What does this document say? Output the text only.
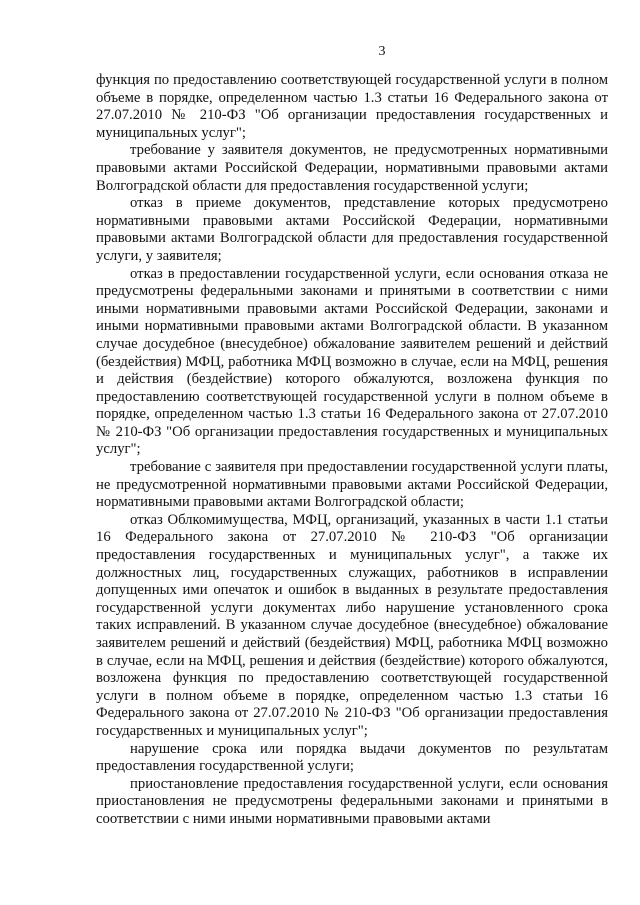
3

функция по предоставлению соответствующей государственной услуги в полном объеме в порядке, определенном частью 1.3 статьи 16 Федерального закона от 27.07.2010 № 210-ФЗ "Об организации предоставления государственных и муниципальных услуг";

требование у заявителя документов, не предусмотренных нормативными правовыми актами Российской Федерации, нормативными правовыми актами Волгоградской области для предоставления государственной услуги;

отказ в приеме документов, представление которых предусмотрено нормативными правовыми актами Российской Федерации, нормативными правовыми актами Волгоградской области для предоставления государственной услуги, у заявителя;

отказ в предоставлении государственной услуги, если основания отказа не предусмотрены федеральными законами и принятыми в соответствии с ними иными нормативными правовыми актами Российской Федерации, законами и иными нормативными правовыми актами Волгоградской области. В указанном случае досудебное (внесудебное) обжалование заявителем решений и действий (бездействия) МФЦ, работника МФЦ возможно в случае, если на МФЦ, решения и действия (бездействие) которого обжалуются, возложена функция по предоставлению соответствующей государственной услуги в полном объеме в порядке, определенном частью 1.3 статьи 16 Федерального закона от 27.07.2010 № 210-ФЗ "Об организации предоставления государственных и муниципальных услуг";

требование с заявителя при предоставлении государственной услуги платы, не предусмотренной нормативными правовыми актами Российской Федерации, нормативными правовыми актами Волгоградской области;

отказ Облкомимущества, МФЦ, организаций, указанных в части 1.1 статьи 16 Федерального закона от 27.07.2010 № 210-ФЗ "Об организации предоставления государственных и муниципальных услуг", а также их должностных лиц, государственных служащих, работников в исправлении допущенных ими опечаток и ошибок в выданных в результате предоставления государственной услуги документах либо нарушение установленного срока таких исправлений. В указанном случае досудебное (внесудебное) обжалование заявителем решений и действий (бездействия) МФЦ, работника МФЦ возможно в случае, если на МФЦ, решения и действия (бездействие) которого обжалуются, возложена функция по предоставлению соответствующей государственной услуги в полном объеме в порядке, определенном частью 1.3 статьи 16 Федерального закона от 27.07.2010 № 210-ФЗ "Об организации предоставления государственных и муниципальных услуг";

нарушение срока или порядка выдачи документов по результатам предоставления государственной услуги;

приостановление предоставления государственной услуги, если основания приостановления не предусмотрены федеральными законами и принятыми в соответствии с ними иными нормативными правовыми актами
